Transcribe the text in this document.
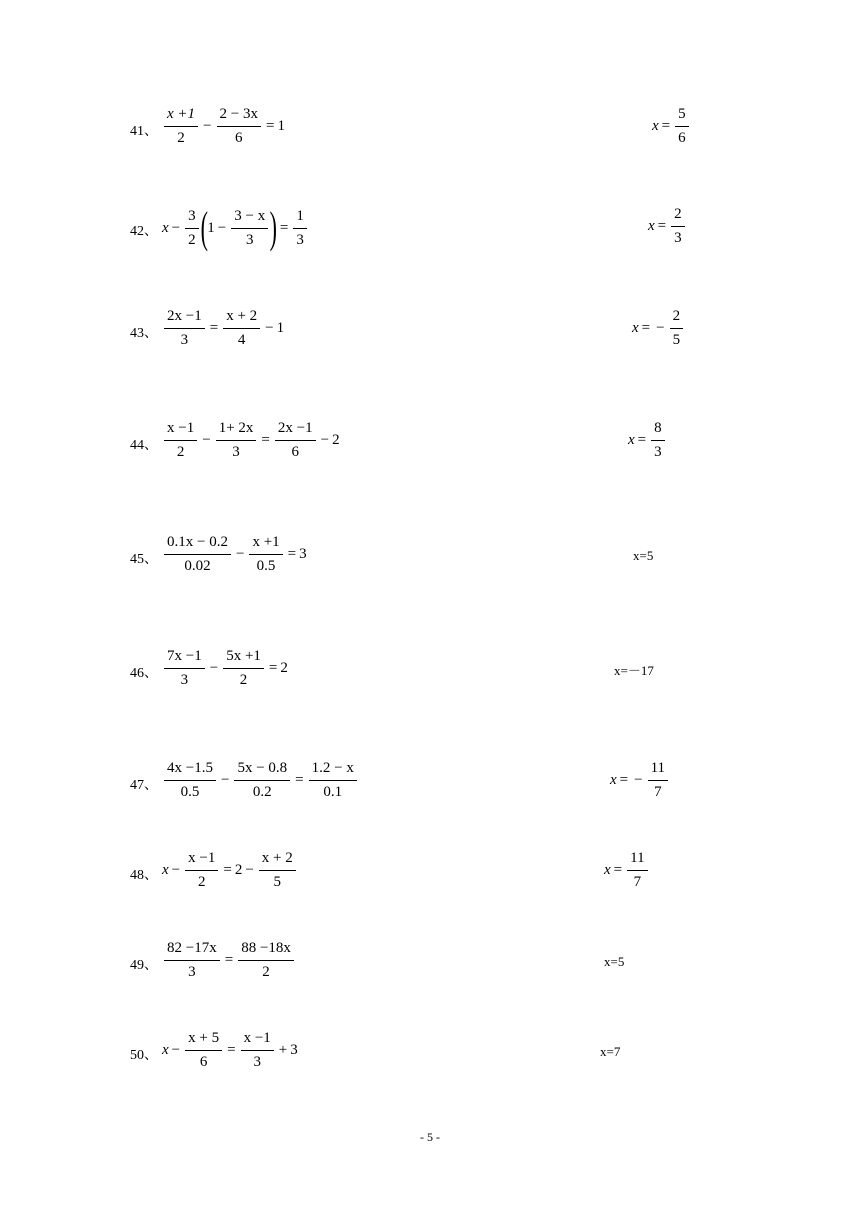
41、 $\frac{x +1}{2} - \frac{2 - 3x}{6} = 1$	$x = \frac{5}{6}$
42、 $x - \frac{3}{2}$ ( $1 - \frac{3 - x}{3}$ ) = $\frac{1}{3}$	$x = \frac{2}{3}$
43、 $\frac{2x -1}{3} = \frac{x + 2}{4} - 1$	x = − $\frac{2}{5}$
44、 $\frac{x -1}{2} - \frac{1+ 2x}{3} = \frac{2x -1}{6} - 2$	$x = \frac{8}{3}$
45、 $\frac{0.1x - 0.2}{0.02} - \frac{x +1}{0.5} = 3$	x=5
46、 $\frac{7x -1}{3} - \frac{5x +1}{2} = 2$	x=－17
47、 $\frac{4x -1.5}{0.5} - \frac{5x - 0.8}{0.2} = \frac{1.2 - x}{0.1}$	x = − $\frac{11}{7}$
48、 $x - \frac{x -1}{2} = 2 - \frac{x + 2}{5}$	$x = \frac{11}{7}$
49、 $\frac{82 -17x}{3} = \frac{88 -18x}{2}$	x=5
50、 $x - \frac{x + 5}{6} = \frac{x -1}{3} + 3$	x=7
- 5 -
